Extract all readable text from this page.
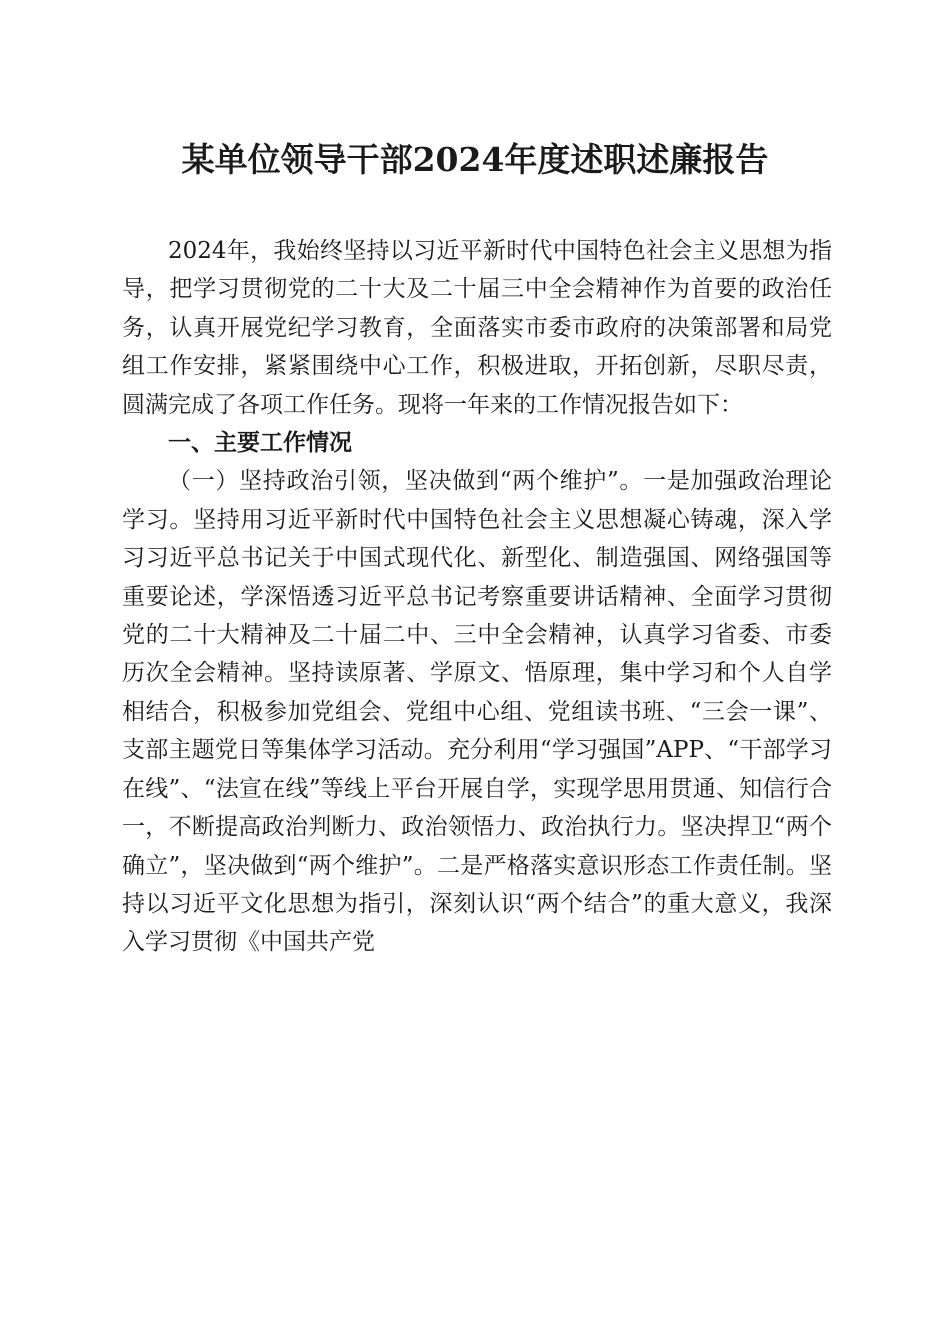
某单位领导干部2024年度述职述廉报告

2024年，我始终坚持以习近平新时代中国特色社会主义思想为指导，把学习贯彻党的二十大及二十届三中全会精神作为首要的政治任务，认真开展党纪学习教育，全面落实市委市政府的决策部署和局党组工作安排，紧紧围绕中心工作，积极进取，开拓创新，尽职尽责，圆满完成了各项工作任务。现将一年来的工作情况报告如下：

一、主要工作情况

（一）坚持政治引领，坚决做到“两个维护”。一是加强政治理论学习。坚持用习近平新时代中国特色社会主义思想凝心铸魂，深入学习习近平总书记关于中国式现代化、新型化、制造强国、网络强国等重要论述，学深悟透习近平总书记考察重要讲话精神、全面学习贯彻党的二十大精神及二十届二中、三中全会精神，认真学习省委、市委历次全会精神。坚持读原著、学原文、悟原理，集中学习和个人自学相结合，积极参加党组会、党组中心组、党组读书班、“三会一课”、支部主题党日等集体学习活动。充分利用“学习强国”APP、“干部学习在线”、“法宣在线”等线上平台开展自学，实现学思用贯通、知信行合一，不断提高政治判断力、政治领悟力、政治执行力。坚决捍卫“两个确立”，坚决做到“两个维护”。二是严格落实意识形态工作责任制。坚持以习近平文化思想为指引，深刻认识“两个结合”的重大意义，我深入学习贯彻《中国共产党
